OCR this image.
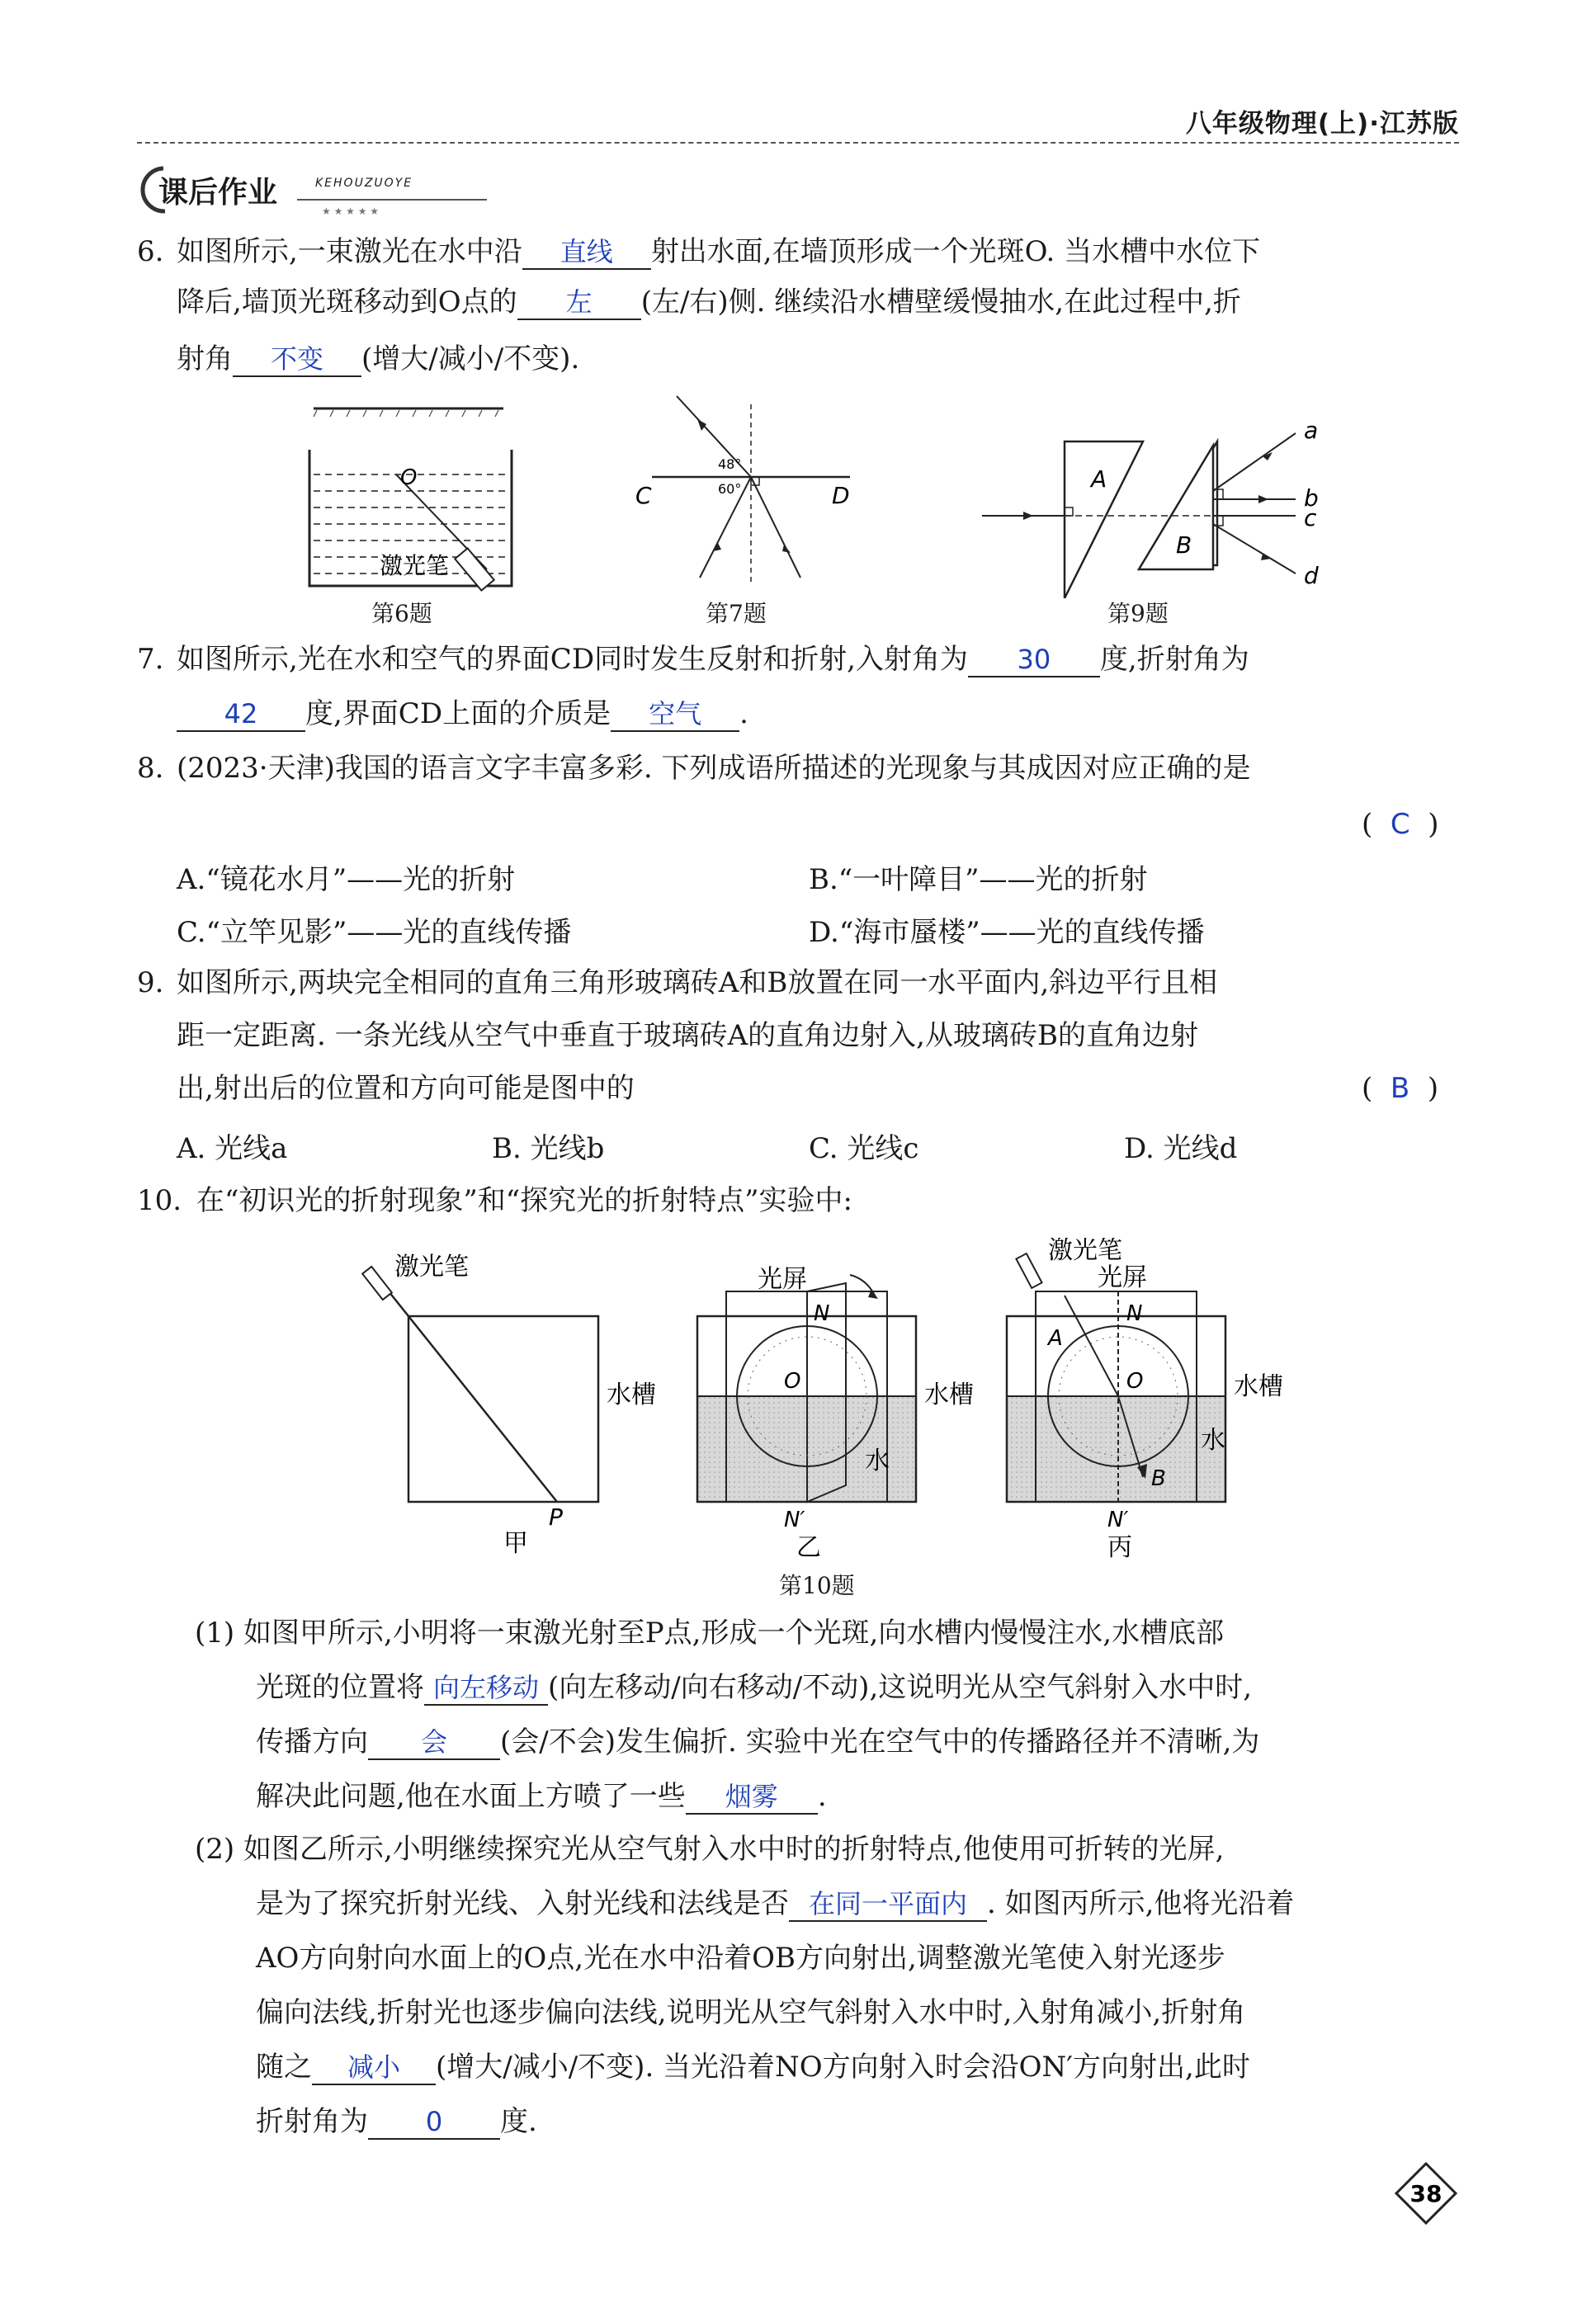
八年级物理(上)·江苏版
★ ★ ★ ★ ★
课后作业	KEHOUZUOYE
6. 如图所示,一束激光在水中沿 直线 射出水面,在墙顶形成一个光斑O. 当水槽中水位下
降后,墙顶光斑移动到O点的 左 (左/右)侧. 继续沿水槽壁缓慢抽水,在此过程中,折
射角 不变 (增大/减小/不变).
O
激光笔
第6题
48°
60°
C	D
第7题
A
B
a
b
c
d
第9题
7. 如图所示,光在水和空气的界面CD同时发生反射和折射,入射角为 30 度,折射角为
42 度,界面CD上面的介质是 空气 .
8. (2023·天津)我国的语言文字丰富多彩. 下列成语所描述的光现象与其成因对应正确的是
(  C  )
A.“镜花水月”——光的折射	B.“一叶障目”——光的折射
C.“立竿见影”——光的直线传播	D.“海市蜃楼”——光的直线传播
9. 如图所示,两块完全相同的直角三角形玻璃砖A和B放置在同一水平面内,斜边平行且相
距一定距离. 一条光线从空气中垂直于玻璃砖A的直角边射入,从玻璃砖B的直角边射
出,射出后的位置和方向可能是图中的	(  B  )
A. 光线a	B. 光线b	C. 光线c	D. 光线d
10. 在“初识光的折射现象”和“探究光的折射特点”实验中:
激光笔
水槽
P
甲
光屏
N
O	水槽
水
N′
乙
激光笔
光屏
N
A
O	水槽
水
B
N′
丙
第10题
(1) 如图甲所示,小明将一束激光射至P点,形成一个光斑,向水槽内慢慢注水,水槽底部
光斑的位置将 向左移动 (向左移动/向右移动/不动),这说明光从空气斜射入水中时,
传播方向 会 (会/不会)发生偏折. 实验中光在空气中的传播路径并不清晰,为
解决此问题,他在水面上方喷了一些 烟雾 .
(2) 如图乙所示,小明继续探究光从空气射入水中时的折射特点,他使用可折转的光屏,
是为了探究折射光线、入射光线和法线是否 在同一平面内 . 如图丙所示,他将光沿着
AO方向射向水面上的O点,光在水中沿着OB方向射出,调整激光笔使入射光逐步
偏向法线,折射光也逐步偏向法线,说明光从空气斜射入水中时,入射角减小,折射角
随之 减小 (增大/减小/不变). 当光沿着NO方向射入时会沿ON′方向射出,此时
折射角为 0 度.
38
